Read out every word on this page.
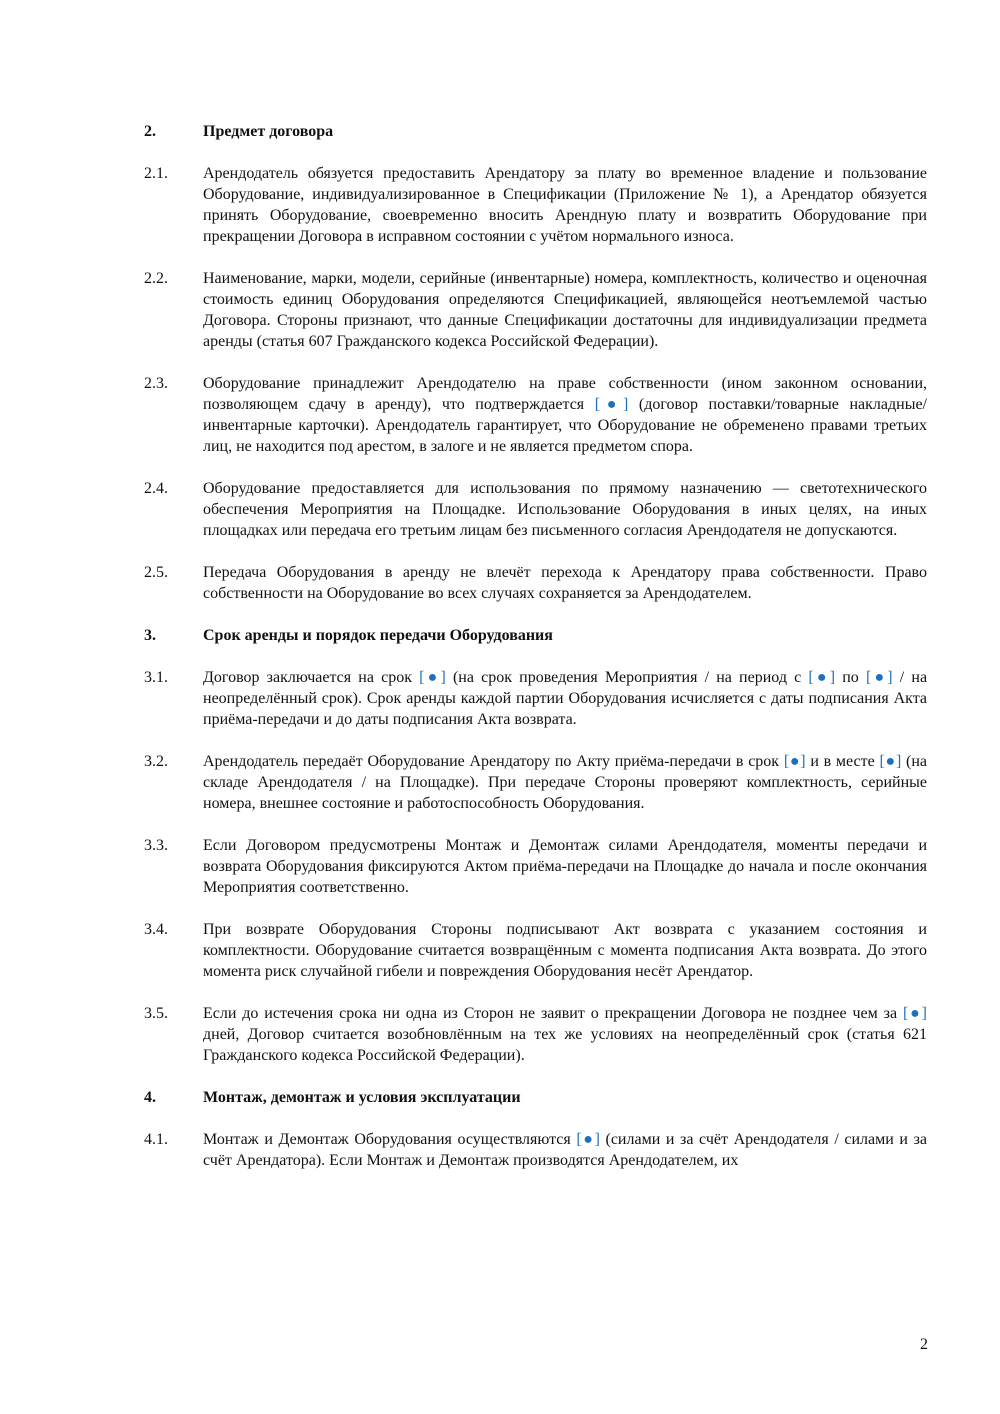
2.	Предмет договора
2.1.	Арендодатель обязуется предоставить Арендатору за плату во временное владение и пользование Оборудование, индивидуализированное в Спецификации (Приложение № 1), а Арендатор обязуется принять Оборудование, своевременно вносить Арендную плату и возвратить Оборудование при прекращении Договора в исправном состоянии с учётом нормального износа.
2.2.	Наименование, марки, модели, серийные (инвентарные) номера, комплектность, количество и оценочная стоимость единиц Оборудования определяются Спецификацией, являющейся неотъемлемой частью Договора. Стороны признают, что данные Спецификации достаточны для индивидуализации предмета аренды (статья 607 Гражданского кодекса Российской Федерации).
2.3.	Оборудование принадлежит Арендодателю на праве собственности (ином законном основании, позволяющем сдачу в аренду), что подтверждается [●] (договор поставки/товарные накладные/инвентарные карточки). Арендодатель гарантирует, что Оборудование не обременено правами третьих лиц, не находится под арестом, в залоге и не является предметом спора.
2.4.	Оборудование предоставляется для использования по прямому назначению — светотехнического обеспечения Мероприятия на Площадке. Использование Оборудования в иных целях, на иных площадках или передача его третьим лицам без письменного согласия Арендодателя не допускаются.
2.5.	Передача Оборудования в аренду не влечёт перехода к Арендатору права собственности. Право собственности на Оборудование во всех случаях сохраняется за Арендодателем.
3.	Срок аренды и порядок передачи Оборудования
3.1.	Договор заключается на срок [●] (на срок проведения Мероприятия / на период с [●] по [●] / на неопределённый срок). Срок аренды каждой партии Оборудования исчисляется с даты подписания Акта приёма-передачи и до даты подписания Акта возврата.
3.2.	Арендодатель передаёт Оборудование Арендатору по Акту приёма-передачи в срок [●] и в месте [●] (на складе Арендодателя / на Площадке). При передаче Стороны проверяют комплектность, серийные номера, внешнее состояние и работоспособность Оборудования.
3.3.	Если Договором предусмотрены Монтаж и Демонтаж силами Арендодателя, моменты передачи и возврата Оборудования фиксируются Актом приёма-передачи на Площадке до начала и после окончания Мероприятия соответственно.
3.4.	При возврате Оборудования Стороны подписывают Акт возврата с указанием состояния и комплектности. Оборудование считается возвращённым с момента подписания Акта возврата. До этого момента риск случайной гибели и повреждения Оборудования несёт Арендатор.
3.5.	Если до истечения срока ни одна из Сторон не заявит о прекращении Договора не позднее чем за [●] дней, Договор считается возобновлённым на тех же условиях на неопределённый срок (статья 621 Гражданского кодекса Российской Федерации).
4.	Монтаж, демонтаж и условия эксплуатации
4.1.	Монтаж и Демонтаж Оборудования осуществляются [●] (силами и за счёт Арендодателя / силами и за счёт Арендатора). Если Монтаж и Демонтаж производятся Арендодателем, их
2
